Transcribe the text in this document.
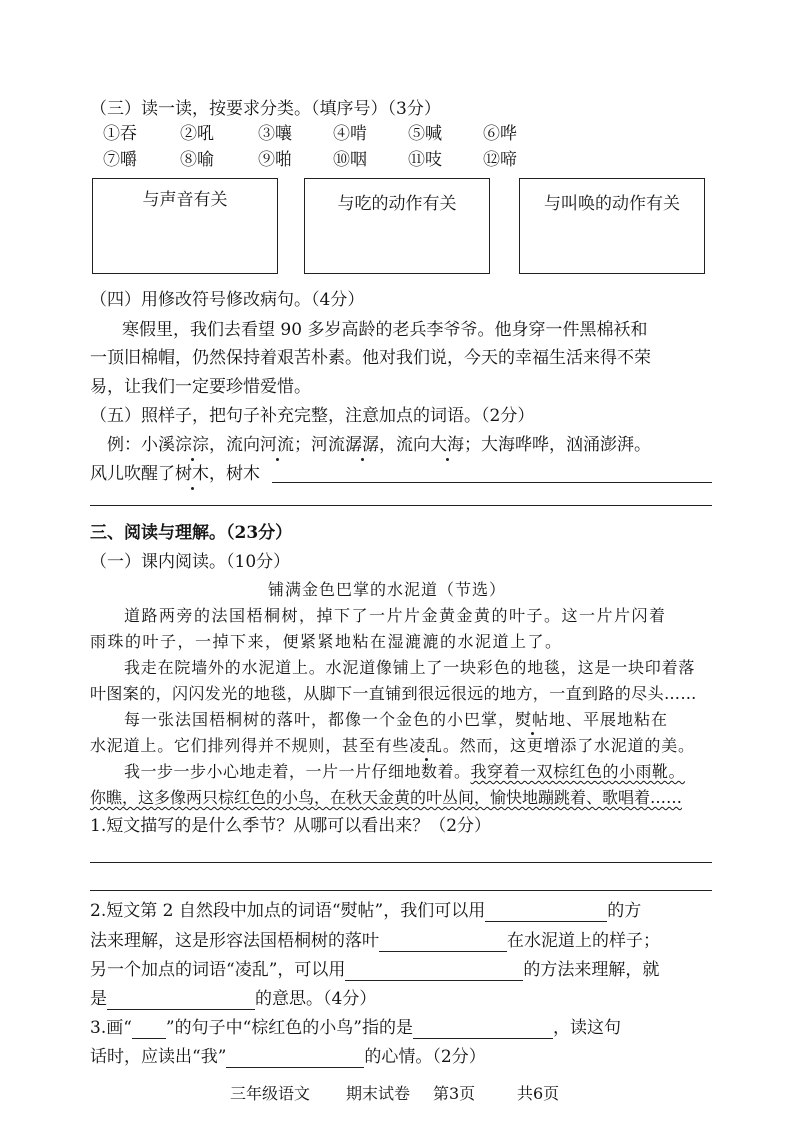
（三）读一读，按要求分类。（填序号）（3分）
①吞	②吼	③嚷 ④啃 ⑤喊 ⑥哗
⑦嚼	⑧喻	⑨啪 ⑩咽 ⑪吱 ⑫啼
与声音有关	与吃的动作有关	与叫唤的动作有关
（四）用修改符号修改病句。（4分）
寒假里，我们去看望 90 多岁高龄的老兵李爷爷。他身穿一件黑棉袄和
一顶旧棉帽，仍然保持着艰苦朴素。他对我们说，今天的幸福生活来得不荣
易，让我们一定要珍惜爱惜。
（五）照样子，把句子补充完整，注意加点的词语。（2分）
例：小溪淙淙，流向河流；河流潺潺，流向大海；大海哗哗，汹涌澎湃。
风儿吹醒了树木，树木
三、阅读与理解。（23分）
（一）课内阅读。（10分）
铺满金色巴掌的水泥道（节选）
道路两旁的法国梧桐树，掉下了一片片金黄金黄的叶子。这一片片闪着
雨珠的叶子，一掉下来，便紧紧地粘在湿漉漉的水泥道上了。
我走在院墙外的水泥道上。水泥道像铺上了一块彩色的地毯，这是一块印着落
叶图案的，闪闪发光的地毯，从脚下一直铺到很远很远的地方，一直到路的尽头……
每一张法国梧桐树的落叶，都像一个金色的小巴掌，熨帖地、平展地粘在
水泥道上。它们排列得并不规则，甚至有些凌乱。然而，这更增添了水泥道的美。
我一步一步小心地走着，一片一片仔细地数着。我穿着一双棕红色的小雨靴。
你瞧，这多像两只棕红色的小鸟，在秋天金黄的叶丛间，愉快地蹦跳着、歌唱着……
1.短文描写的是什么季节？从哪可以看出来？（2分）
2.短文第 2 自然段中加点的词语“熨帖”，我们可以用	的方
法来理解，这是形容法国梧桐树的落叶	在水泥道上的样子；
另一个加点的词语“凌乱”，可以用	的方法来理解，就
是	的意思。（4分）
3.画“ ”的句子中“棕红色的小鸟”指的是	，读这句
话时，应读出“我”	的心情。（2分）
三年级语文 期末试卷 第3页	共6页
